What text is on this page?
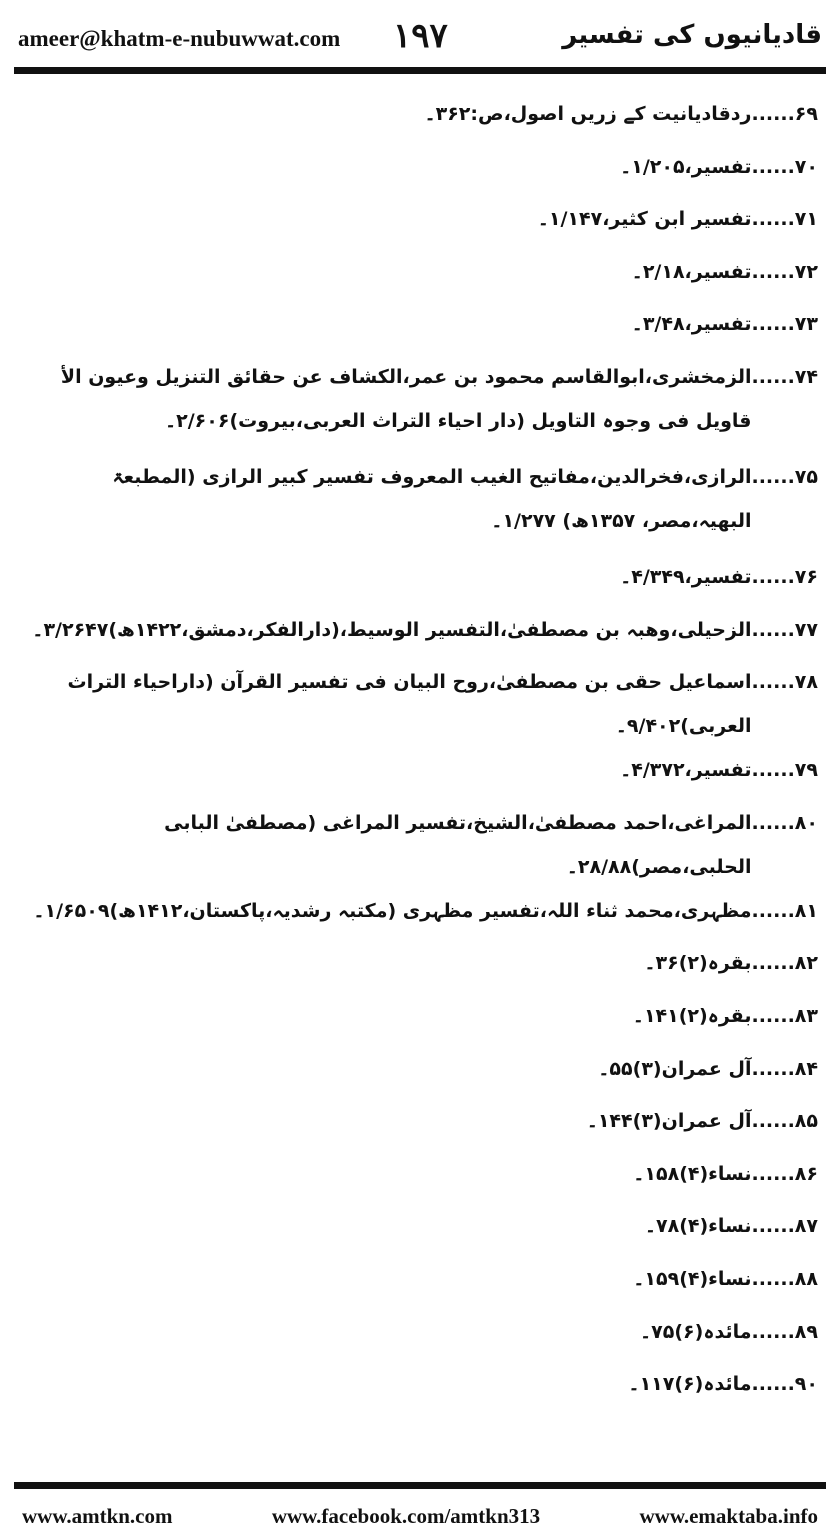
ameer@khatm-e-nubuwwat.com ۱۹۷	قادیانیوں کی تفسیر
۶۹......
ردقادیانیت کے زریں اصول،ص:۳۶۲۔
۷۰......
تفسیر،۱/۲۰۵۔
۷۱......
تفسیر ابن کثیر،۱/۱۴۷۔
۷۲......
تفسیر،۲/۱۸۔
۷۳......
تفسیر،۳/۴۸۔
۷۴......
الزمخشری،ابوالقاسم محمود بن عمر،الکشاف عن حقائق التنزیل وعیون الأ قاویل فی وجوہ التاویل (دار احیاء التراث العربی،بیروت)۲/۶۰۶۔
۷۵......
الرازی،فخرالدین،مفاتیح الغیب المعروف تفسیر کبیر الرازی (المطبعۃ البھیہ،مصر، ۱۳۵۷ھ) ۱/۲۷۷۔
۷۶......
تفسیر،۴/۳۴۹۔
۷۷......
الزحیلی،وھبہ بن مصطفیٰ،التفسیر الوسیط،(دارالفکر،دمشق،۱۴۲۲ھ)۳/۲۶۴۷۔
۷۸......
اسماعیل حقی بن مصطفیٰ،روح البیان فی تفسیر القرآن (داراحیاء التراث العربی)۹/۴۰۲۔
۷۹......
تفسیر،۴/۳۷۲۔
۸۰......
المراغی،احمد مصطفیٰ،الشیخ،تفسیر المراغی (مصطفیٰ البابی الحلبی،مصر)۲۸/۸۸۔
۸۱......
مظہری،محمد ثناء اللہ،تفسیر مظہری (مکتبہ رشدیہ،پاکستان،۱۴۱۲ھ)۱/۶۵۰۹۔
۸۲......
بقرہ(۲)۳۶۔
۸۳......
بقرہ(۲)۱۴۱۔
۸۴......
آل عمران(۳)۵۵۔
۸۵......
آل عمران(۳)۱۴۴۔
۸۶......
نساء(۴)۱۵۸۔
۸۷......
نساء(۴)۷۸۔
۸۸......
نساء(۴)۱۵۹۔
۸۹......
مائدہ(۶)۷۵۔
۹۰......
مائدہ(۶)۱۱۷۔
www.amtkn.com	www.facebook.com/amtkn313	www.emaktaba.info
